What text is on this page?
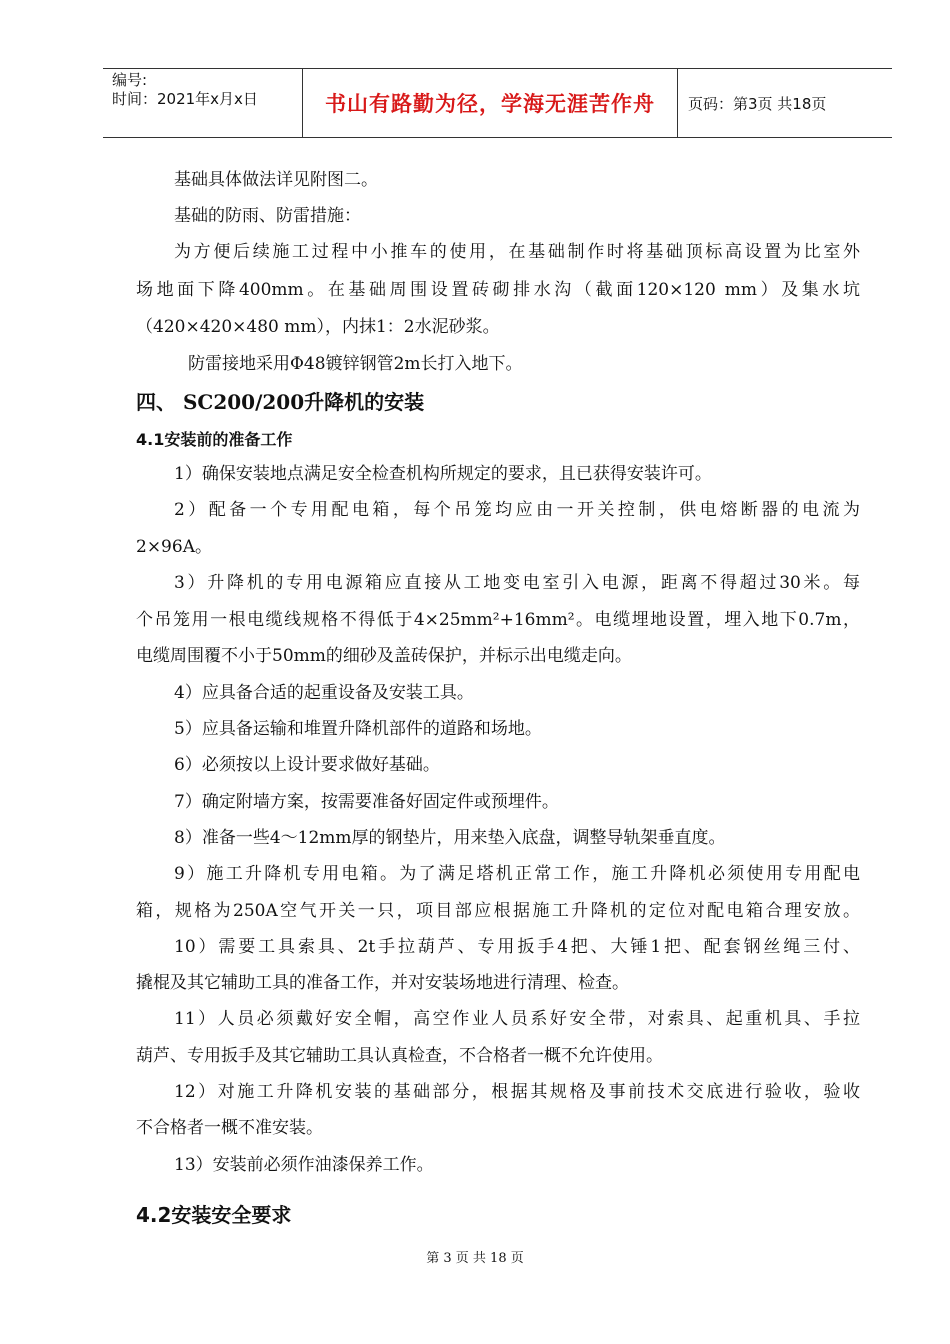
编号:
时间：2021年x月x日	书山有路勤为径，学海无涯苦作舟	页码：第3页 共18页
基础具体做法详见附图二。
基础的防雨、防雷措施：
为方便后续施工过程中小推车的使用，在基础制作时将基础顶标高设置为比室外
场地面下降400mm。在基础周围设置砖砌排水沟（截面120×120 mm）及集水坑
（420×420×480 mm），内抹1：2水泥砂浆。
防雷接地采用Φ48镀锌钢管2m长打入地下。
四、 SC200/200升降机的安装
4.1安装前的准备工作
1）确保安装地点满足安全检查机构所规定的要求，且已获得安装许可。
2）配备一个专用配电箱，每个吊笼均应由一开关控制，供电熔断器的电流为
2×96A。
3）升降机的专用电源箱应直接从工地变电室引入电源，距离不得超过30米。每
个吊笼用一根电缆线规格不得低于4×25mm²+16mm²。电缆埋地设置，埋入地下0.7m，
电缆周围覆不小于50mm的细砂及盖砖保护，并标示出电缆走向。
4）应具备合适的起重设备及安装工具。
5）应具备运输和堆置升降机部件的道路和场地。
6）必须按以上设计要求做好基础。
7）确定附墙方案，按需要准备好固定件或预埋件。
8）准备一些4～12mm厚的钢垫片，用来垫入底盘，调整导轨架垂直度。
9）施工升降机专用电箱。为了满足塔机正常工作，施工升降机必须使用专用配电
箱，规格为250A空气开关一只，项目部应根据施工升降机的定位对配电箱合理安放。
10）需要工具索具、2t手拉葫芦、专用扳手4把、大锤1把、配套钢丝绳三付、
撬棍及其它辅助工具的准备工作，并对安装场地进行清理、检查。
11）人员必须戴好安全帽，高空作业人员系好安全带，对索具、起重机具、手拉
葫芦、专用扳手及其它辅助工具认真检查，不合格者一概不允许使用。
12）对施工升降机安装的基础部分，根据其规格及事前技术交底进行验收，验收
不合格者一概不准安装。
13）安装前必须作油漆保养工作。
4.2安装安全要求
第 3 页 共 18 页
